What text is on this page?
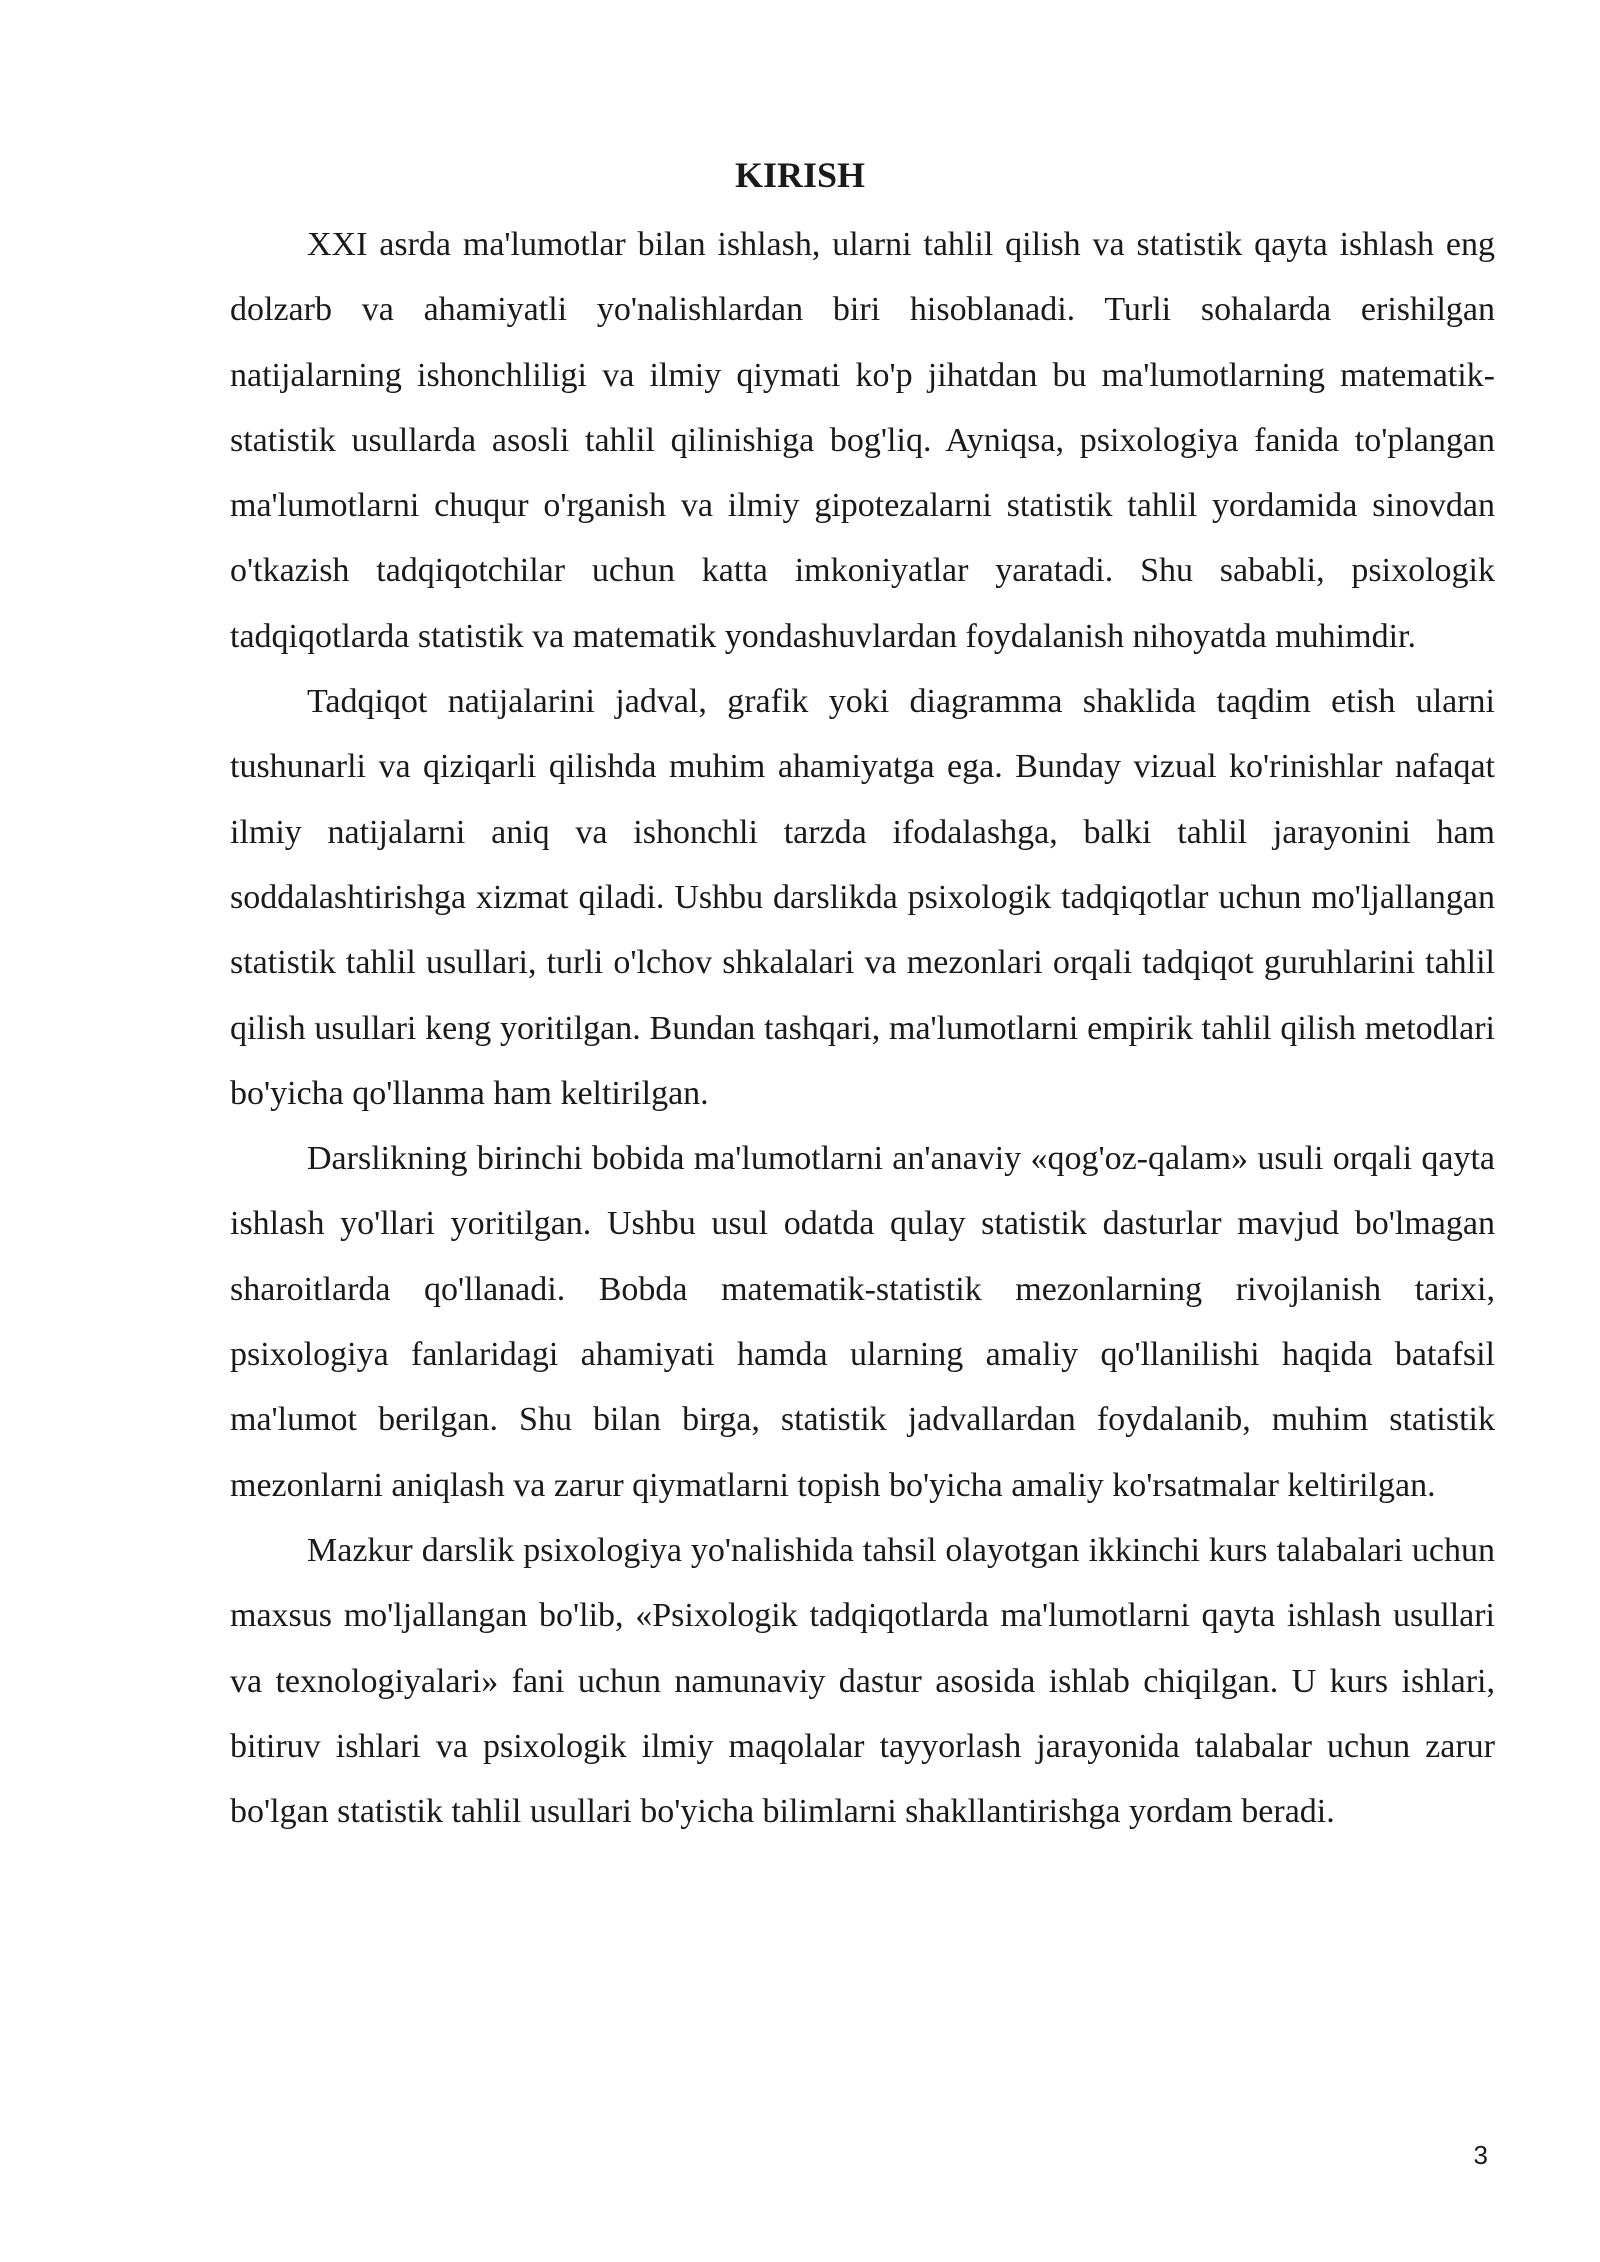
KIRISH

XXI asrda ma'lumotlar bilan ishlash, ularni tahlil qilish va statistik qayta ishlash eng dolzarb va ahamiyatli yo'nalishlardan biri hisoblanadi. Turli sohalarda erishilgan natijalarning ishonchliligi va ilmiy qiymati ko'p jihatdan bu ma'lumotlarning matematik-statistik usullarda asosli tahlil qilinishiga bog'liq. Ayniqsa, psixologiya fanida to'plangan ma'lumotlarni chuqur o'rganish va ilmiy gipotezalarni statistik tahlil yordamida sinovdan o'tkazish tadqiqotchilar uchun katta imkoniyatlar yaratadi. Shu sababli, psixologik tadqiqotlarda statistik va matematik yondashuvlardan foydalanish nihoyatda muhimdir.

Tadqiqot natijalarini jadval, grafik yoki diagramma shaklida taqdim etish ularni tushunarli va qiziqarli qilishda muhim ahamiyatga ega. Bunday vizual ko'rinishlar nafaqat ilmiy natijalarni aniq va ishonchli tarzda ifodalashga, balki tahlil jarayonini ham soddalashtirishga xizmat qiladi. Ushbu darslikda psixologik tadqiqotlar uchun mo'ljallangan statistik tahlil usullari, turli o'lchov shkalalari va mezonlari orqali tadqiqot guruhlarini tahlil qilish usullari keng yoritilgan. Bundan tashqari, ma'lumotlarni empirik tahlil qilish metodlari bo'yicha qo'llanma ham keltirilgan.

Darslikning birinchi bobida ma'lumotlarni an'anaviy «qog'oz-qalam» usuli orqali qayta ishlash yo'llari yoritilgan. Ushbu usul odatda qulay statistik dasturlar mavjud bo'lmagan sharoitlarda qo'llanadi. Bobda matematik-statistik mezonlarning rivojlanish tarixi, psixologiya fanlaridagi ahamiyati hamda ularning amaliy qo'llanilishi haqida batafsil ma'lumot berilgan. Shu bilan birga, statistik jadvallardan foydalanib, muhim statistik mezonlarni aniqlash va zarur qiymatlarni topish bo'yicha amaliy ko'rsatmalar keltirilgan.

Mazkur darslik psixologiya yo'nalishida tahsil olayotgan ikkinchi kurs talabalari uchun maxsus mo'ljallangan bo'lib, «Psixologik tadqiqotlarda ma'lumotlarni qayta ishlash usullari va texnologiyalari» fani uchun namunaviy dastur asosida ishlab chiqilgan. U kurs ishlari, bitiruv ishlari va psixologik ilmiy maqolalar tayyorlash jarayonida talabalar uchun zarur bo'lgan statistik tahlil usullari bo'yicha bilimlarni shakllantirishga yordam beradi.

3
